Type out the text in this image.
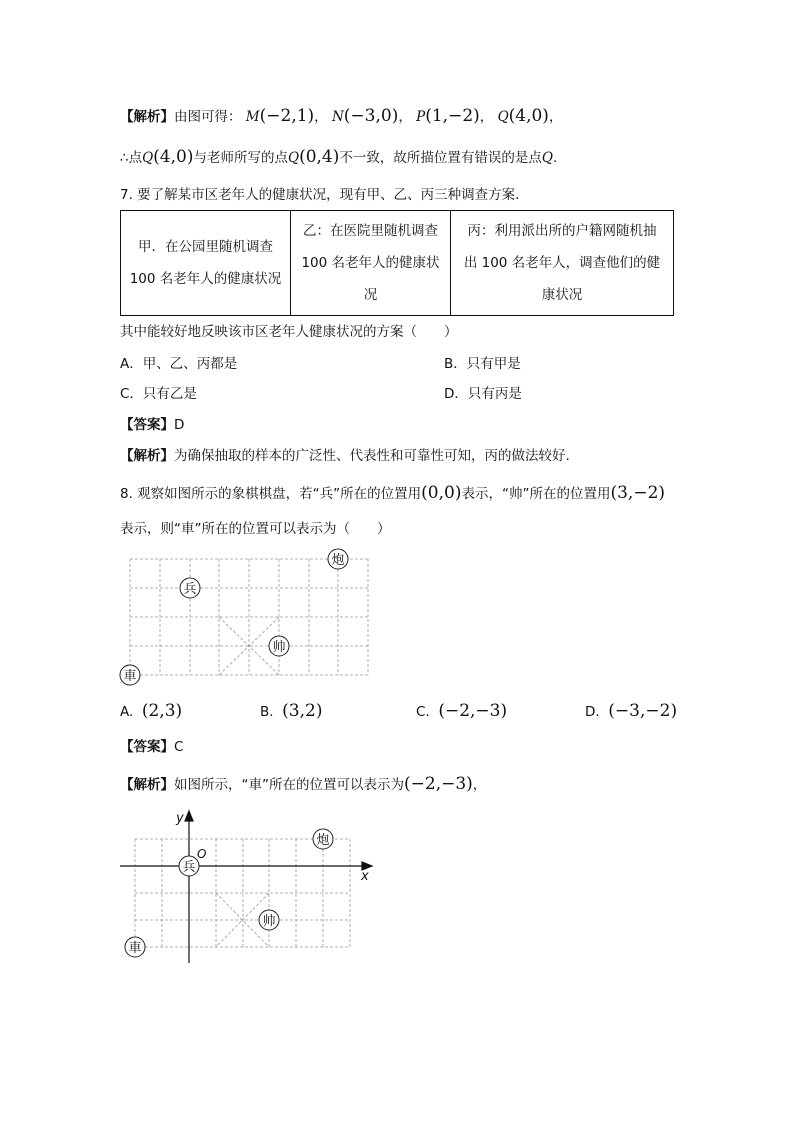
【解析】由图可得： M(−2,1)， N(−3,0)， P(1,−2)， Q(4,0)，
∴点Q(4,0)与老师所写的点Q(0,4)不一致，故所描位置有错误的是点Q.
7. 要了解某市区老年人的健康状况，现有甲、乙、丙三种调查方案.
甲．在公园里随机调查
100 名老年人的健康状况

乙：在医院里随机调查
100 名老年人的健康状
况

丙：利用派出所的户籍网随机抽
出 100 名老年人，调查他们的健
康状况
其中能较好地反映该市区老年人健康状况的方案（　　）
A．甲、乙、丙都是	B．只有甲是
C．只有乙是	D．只有丙是
【答案】D
【解析】为确保抽取的样本的广泛性、代表性和可靠性可知，丙的做法较好.
8. 观察如图所示的象棋棋盘，若“兵”所在的位置用(0,0)表示，“帅”所在的位置用(3,−2)
表示，则“車”所在的位置可以表示为（　　）
炮
兵
帅
車
A. (2,3)	B. (3,2)	C. (−2,−3)	D. (−3,−2)
【答案】C
【解析】如图所示，“車”所在的位置可以表示为(−2,−3)，
y
x
O
炮
兵
帅
車
